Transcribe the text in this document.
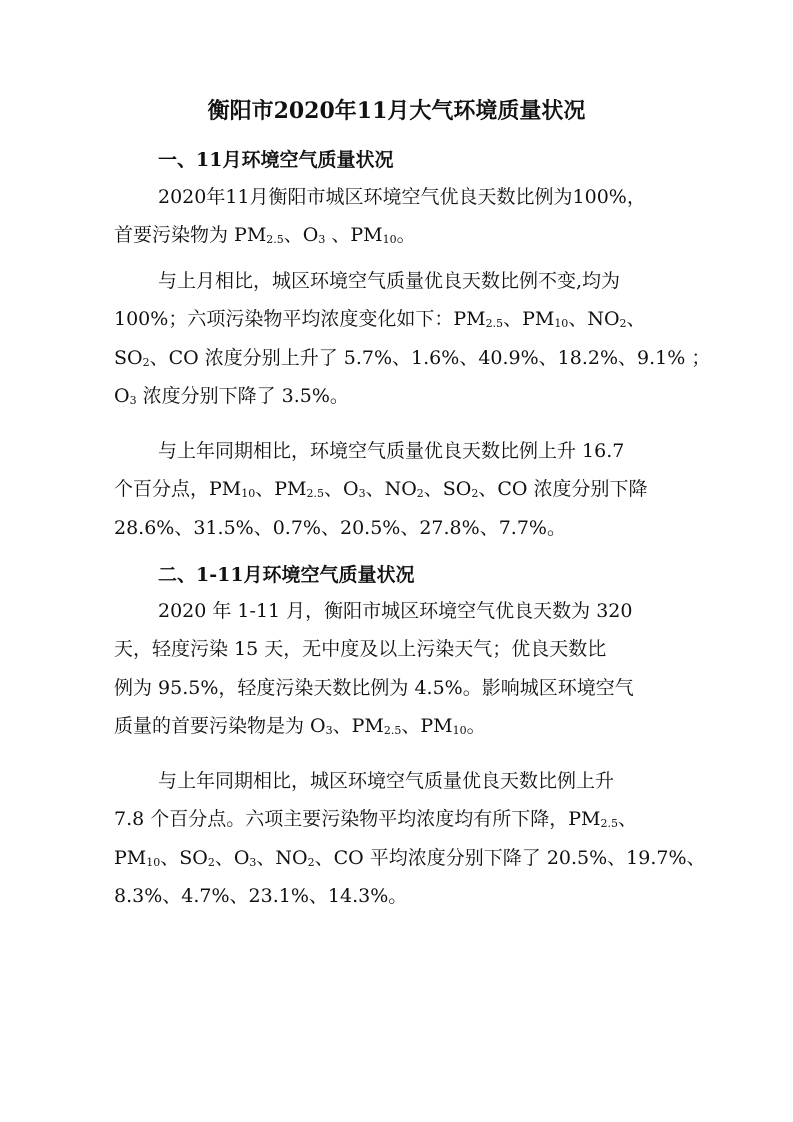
衡阳市2020年11月大气环境质量状况
一、11月环境空气质量状况
2020年11月衡阳市城区环境空气优良天数比例为100%，
首要污染物为 $PM_{2.5}$、$O_3$ 、$PM_{10}$。
与上月相比，城区环境空气质量优良天数比例不变,均为
100%；六项污染物平均浓度变化如下：$PM_{2.5}$、$PM_{10}$、$NO_2$、
$SO_2$、CO 浓度分别上升了 5.7%、1.6%、40.9%、18.2%、9.1% ；
$O_3$ 浓度分别下降了 3.5%。
与上年同期相比，环境空气质量优良天数比例上升 16.7
个百分点，$PM_{10}$、$PM_{2.5}$、$O_3$、$NO_2$、$SO_2$、CO 浓度分别下降
28.6%、31.5%、0.7%、20.5%、27.8%、7.7%。
二、1-11月环境空气质量状况
2020 年 1-11 月，衡阳市城区环境空气优良天数为 320
天，轻度污染 15 天，无中度及以上污染天气；优良天数比
例为 95.5%，轻度污染天数比例为 4.5%。影响城区环境空气
质量的首要污染物是为 $O_3$、$PM_{2.5}$、$PM_{10}$。
与上年同期相比，城区环境空气质量优良天数比例上升
7.8 个百分点。六项主要污染物平均浓度均有所下降，$PM_{2.5}$、
$PM_{10}$、$SO_2$、$O_3$、$NO_2$、CO 平均浓度分别下降了 20.5%、19.7%、
8.3%、4.7%、23.1%、14.3%。
